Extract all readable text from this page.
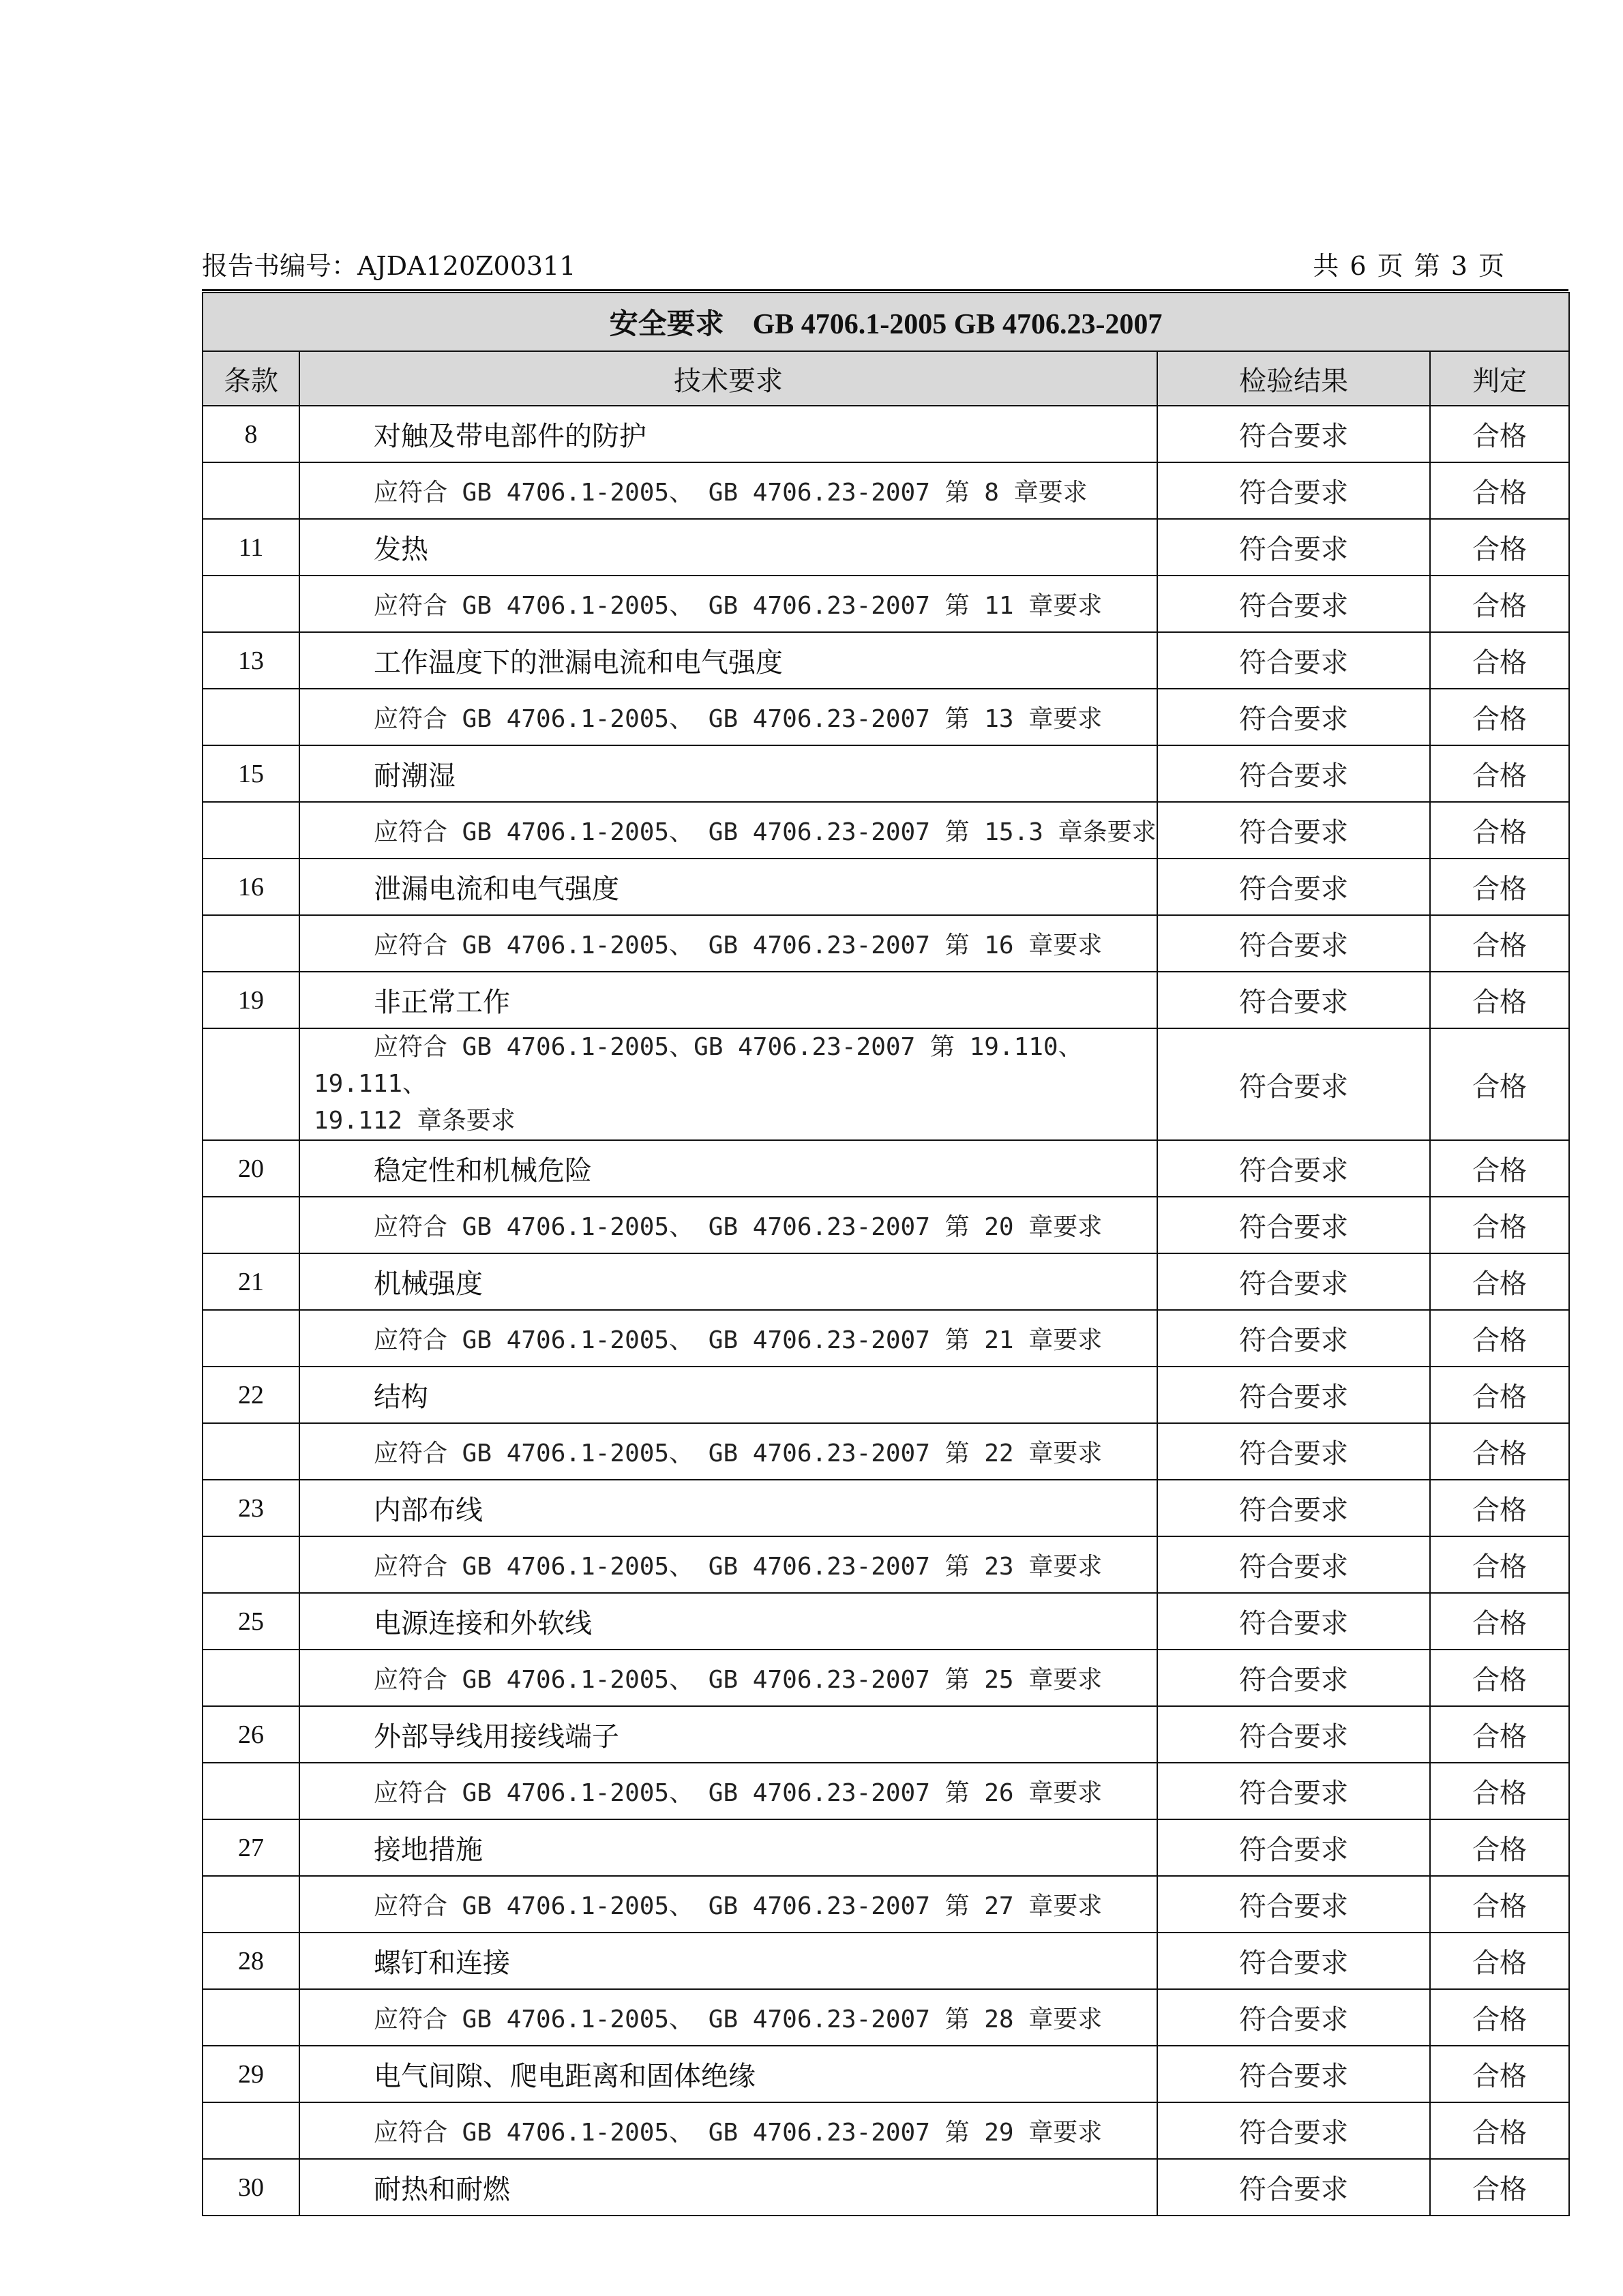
报告书编号：AJDA120Z00311	共 6 页 第 3 页
安全要求　GB 4706.1-2005 GB 4706.23-2007			
条款	技术要求	检验结果	判定
8	对触及带电部件的防护	符合要求	合格

	应符合 GB 4706.1-2005、 GB 4706.23-2007 第 8 章要求	符合要求	合格
11	发热	符合要求	合格

	应符合 GB 4706.1-2005、 GB 4706.23-2007 第 11 章要求	符合要求	合格
13	工作温度下的泄漏电流和电气强度	符合要求	合格

	应符合 GB 4706.1-2005、 GB 4706.23-2007 第 13 章要求	符合要求	合格
15	耐潮湿	符合要求	合格

	应符合 GB 4706.1-2005、 GB 4706.23-2007 第 15.3 章条要求	符合要求	合格
16	泄漏电流和电气强度	符合要求	合格

	应符合 GB 4706.1-2005、 GB 4706.23-2007 第 16 章要求	符合要求	合格
19	非正常工作	符合要求	合格

	应符合 GB 4706.1-2005、GB 4706.23-2007 第 19.110、19.111、
19.112 章条要求	符合要求	合格
20	稳定性和机械危险	符合要求	合格

	应符合 GB 4706.1-2005、 GB 4706.23-2007 第 20 章要求	符合要求	合格
21	机械强度	符合要求	合格

	应符合 GB 4706.1-2005、 GB 4706.23-2007 第 21 章要求	符合要求	合格
22	结构	符合要求	合格

	应符合 GB 4706.1-2005、 GB 4706.23-2007 第 22 章要求	符合要求	合格
23	内部布线	符合要求	合格

	应符合 GB 4706.1-2005、 GB 4706.23-2007 第 23 章要求	符合要求	合格
25	电源连接和外软线	符合要求	合格

	应符合 GB 4706.1-2005、 GB 4706.23-2007 第 25 章要求	符合要求	合格
26	外部导线用接线端子	符合要求	合格

	应符合 GB 4706.1-2005、 GB 4706.23-2007 第 26 章要求	符合要求	合格
27	接地措施	符合要求	合格

	应符合 GB 4706.1-2005、 GB 4706.23-2007 第 27 章要求	符合要求	合格
28	螺钉和连接	符合要求	合格

	应符合 GB 4706.1-2005、 GB 4706.23-2007 第 28 章要求	符合要求	合格
29	电气间隙、爬电距离和固体绝缘	符合要求	合格

	应符合 GB 4706.1-2005、 GB 4706.23-2007 第 29 章要求	符合要求	合格
30	耐热和耐燃	符合要求	合格
